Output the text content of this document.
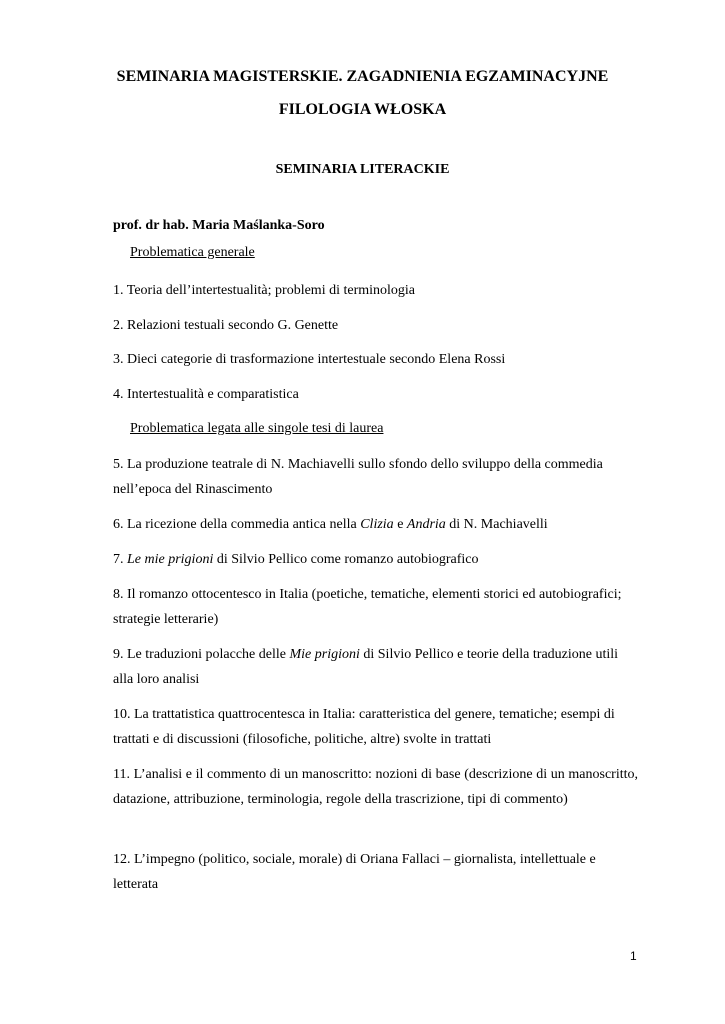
SEMINARIA MAGISTERSKIE. ZAGADNIENIA EGZAMINACYJNE
FILOLOGIA WŁOSKA
SEMINARIA LITERACKIE
prof. dr hab. Maria Maślanka-Soro
Problematica generale
1. Teoria dell’intertestualità; problemi di terminologia
2. Relazioni testuali secondo G. Genette
3. Dieci categorie di trasformazione intertestuale secondo Elena Rossi
4. Intertestualità e comparatistica
Problematica legata alle singole tesi di laurea
5. La produzione teatrale di N. Machiavelli sullo sfondo dello sviluppo della commedia nell’epoca del Rinascimento
6. La ricezione della commedia antica nella Clizia e Andria di N. Machiavelli
7. Le mie prigioni di Silvio Pellico come romanzo autobiografico
8. Il romanzo ottocentesco in Italia (poetiche, tematiche, elementi storici ed autobiografici; strategie letterarie)
9. Le traduzioni polacche delle Mie prigioni di Silvio Pellico e teorie della traduzione utili alla loro analisi
10. La trattatistica quattrocentesca in Italia: caratteristica del genere, tematiche; esempi di trattati e di discussioni (filosofiche, politiche, altre) svolte in trattati
11. L’analisi e il commento di un manoscritto: nozioni di base (descrizione di un manoscritto, datazione, attribuzione, terminologia, regole della trascrizione, tipi di commento)
12. L’impegno (politico, sociale, morale) di Oriana Fallaci – giornalista, intellettuale e letterata
1
